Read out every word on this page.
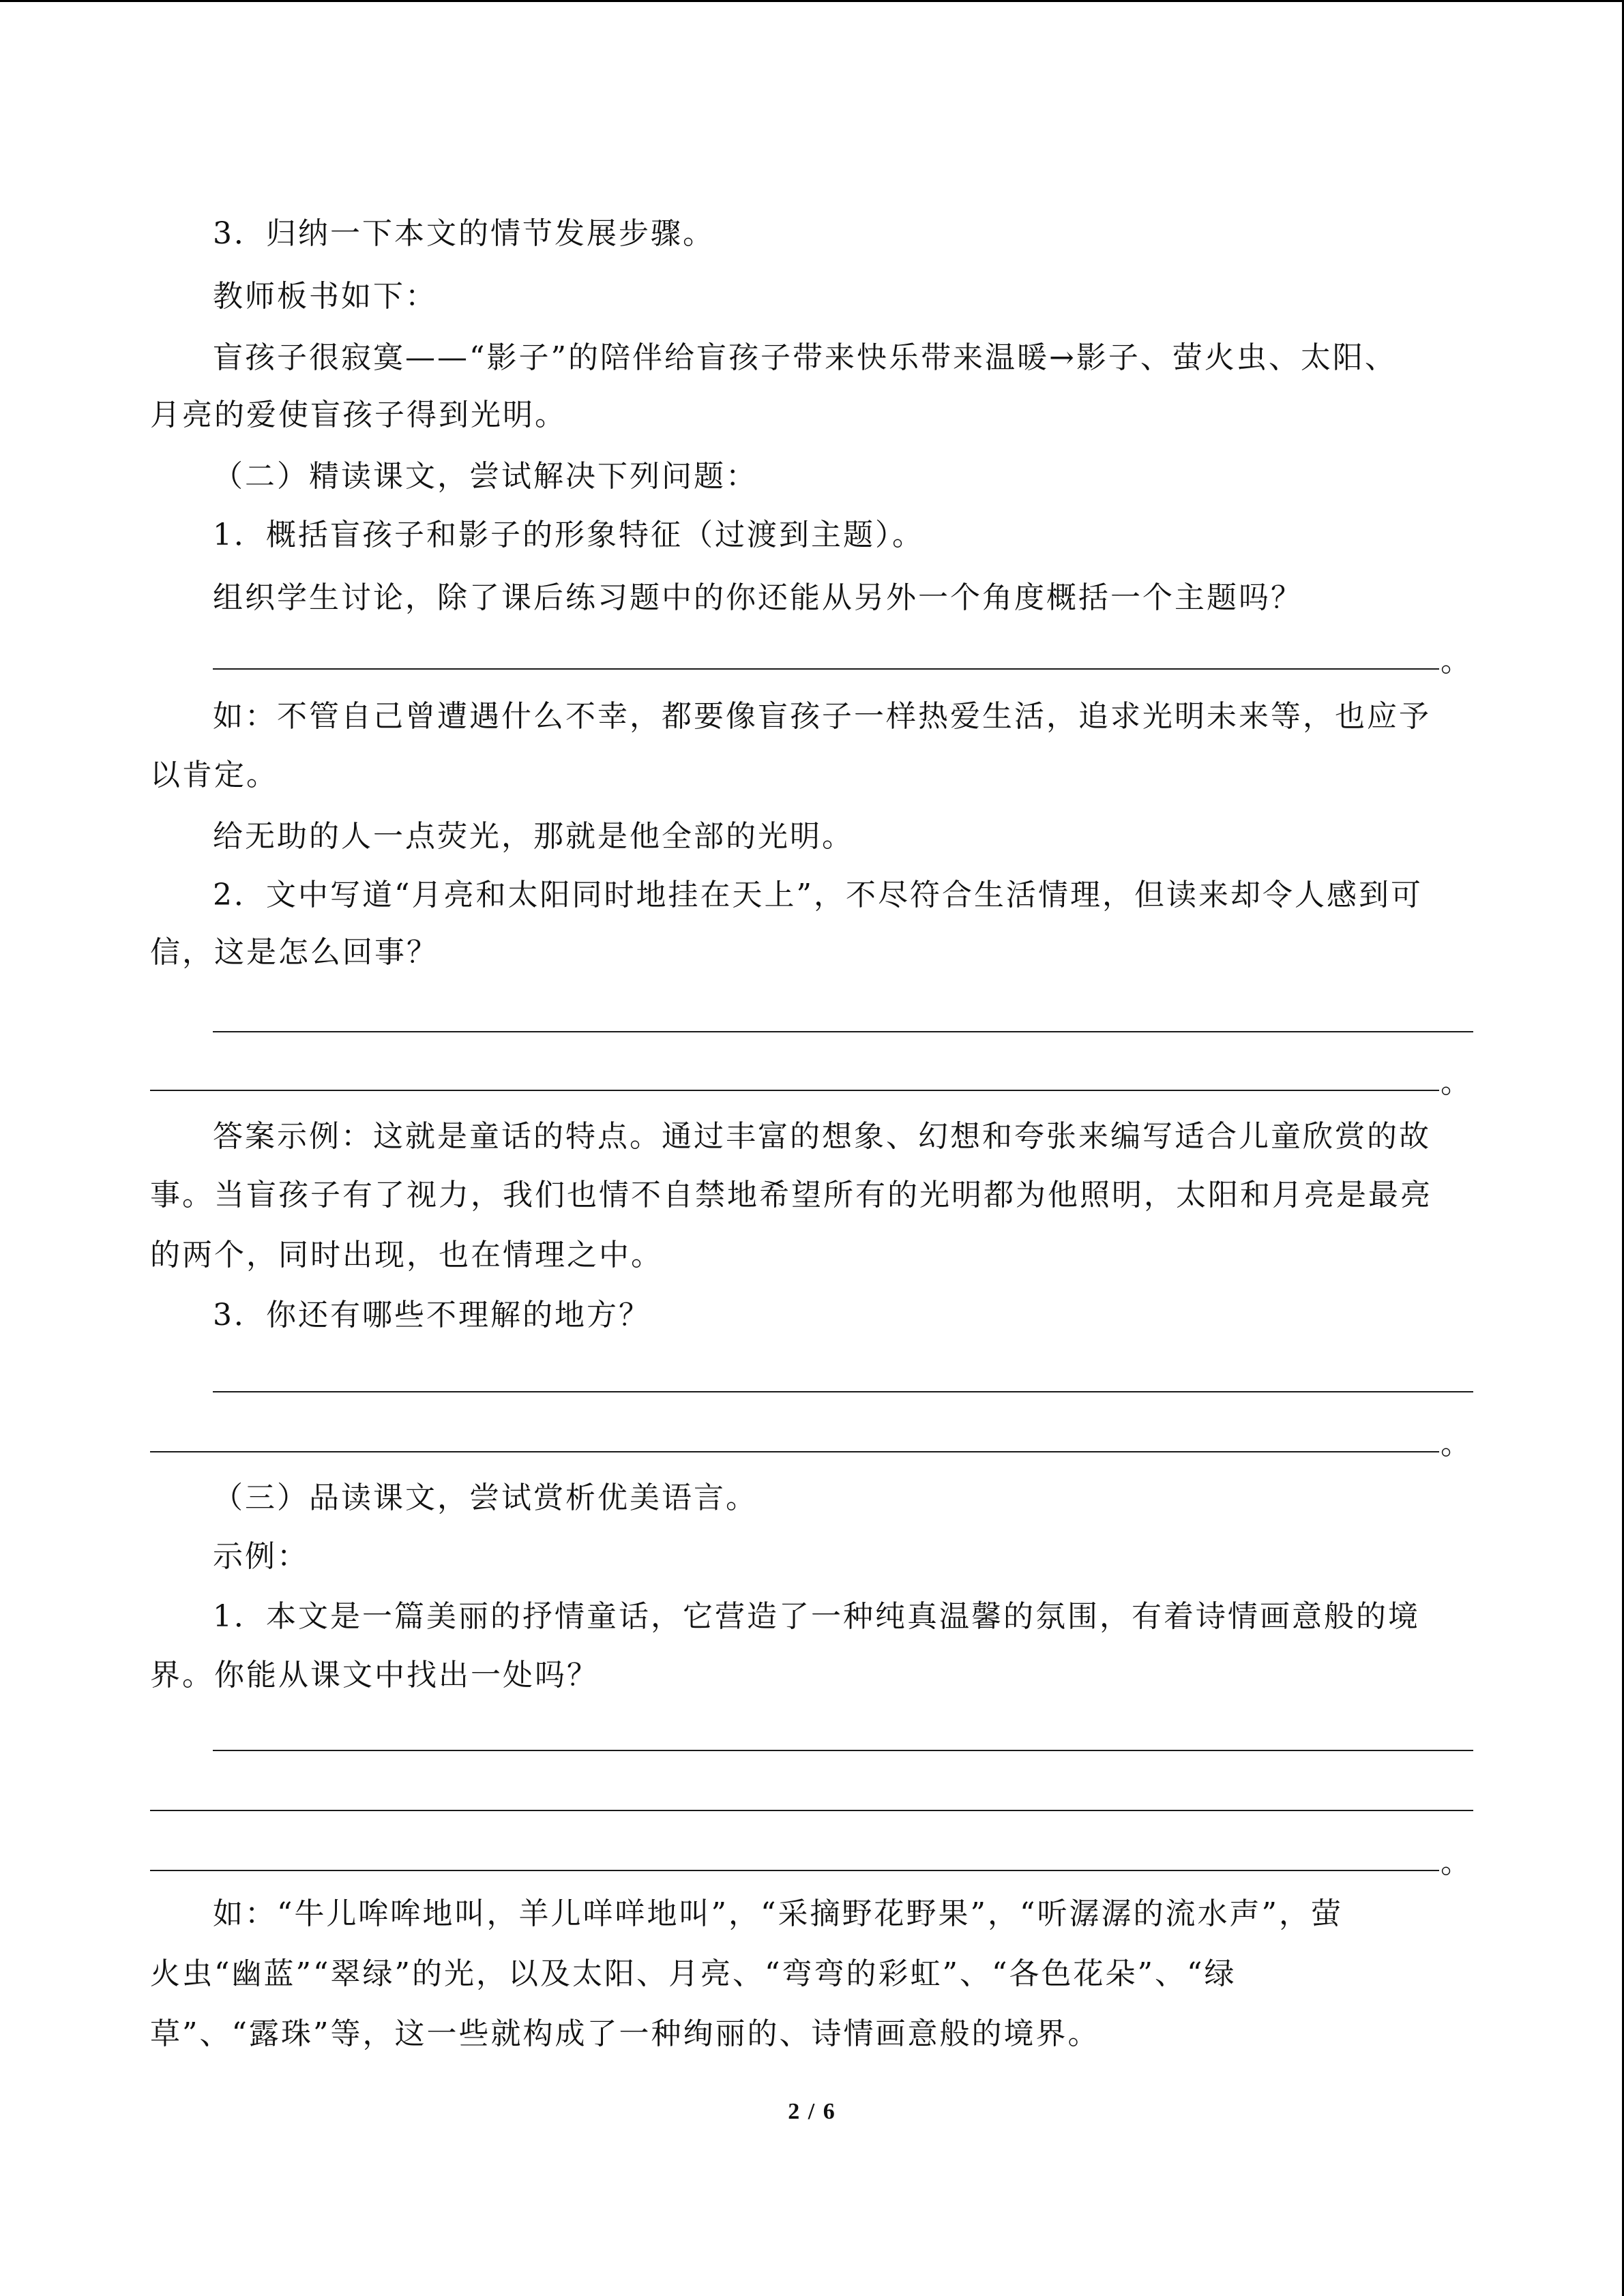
3．归纳一下本文的情节发展步骤。

教师板书如下：

盲孩子很寂寞——“影子”的陪伴给盲孩子带来快乐带来温暖→影子、萤火虫、太阳、

月亮的爱使盲孩子得到光明。

（二）精读课文，尝试解决下列问题：

1．概括盲孩子和影子的形象特征（过渡到主题）。

组织学生讨论，除了课后练习题中的你还能从另外一个角度概括一个主题吗？

。

如：不管自己曾遭遇什么不幸，都要像盲孩子一样热爱生活，追求光明未来等，也应予

以肯定。

给无助的人一点荧光，那就是他全部的光明。

2．文中写道“月亮和太阳同时地挂在天上”，不尽符合生活情理，但读来却令人感到可

信，这是怎么回事？

。

答案示例：这就是童话的特点。通过丰富的想象、幻想和夸张来编写适合儿童欣赏的故

事。当盲孩子有了视力，我们也情不自禁地希望所有的光明都为他照明，太阳和月亮是最亮

的两个，同时出现，也在情理之中。

3．你还有哪些不理解的地方？

。

（三）品读课文，尝试赏析优美语言。

示例：

1．本文是一篇美丽的抒情童话，它营造了一种纯真温馨的氛围，有着诗情画意般的境

界。你能从课文中找出一处吗？

。

如：“牛儿哞哞地叫，羊儿咩咩地叫”，“采摘野花野果”，“听潺潺的流水声”，萤

火虫“幽蓝”“翠绿”的光，以及太阳、月亮、“弯弯的彩虹”、“各色花朵”、“绿

草”、“露珠”等，这一些就构成了一种绚丽的、诗情画意般的境界。

2 / 6
